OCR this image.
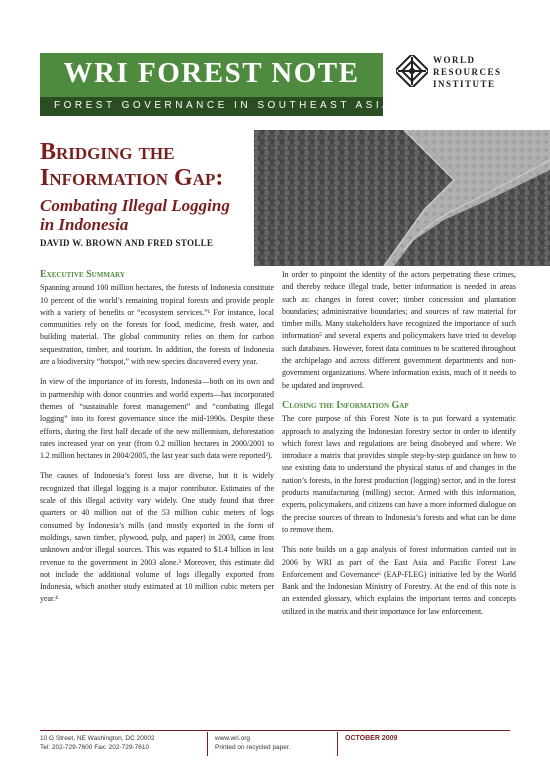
WRI FOREST NOTE
FOREST GOVERNANCE IN SOUTHEAST ASIA
WORLD
RESOURCES
INSTITUTE
Bridging the
Information Gap:
Combating Illegal Logging
in Indonesia
DAVID W. BROWN AND FRED STOLLE
Executive Summary

Spanning around 100 million hectares, the forests of Indonesia constitute 10 percent of the world’s remaining tropical forests and provide people with a variety of benefits or “ecosystem services.”¹ For instance, local communities rely on the forests for food, medicine, fresh water, and building material. The global community relies on them for carbon sequestration, timber, and tourism. In addition, the forests of Indonesia are a biodiversity “hotspot,” with new species discovered every year.

In view of the importance of its forests, Indonesia—both on its own and in partnership with donor countries and world experts—has incorporated themes of “sustainable forest management” and “combating illegal logging” into its forest governance since the mid-1990s. Despite these efforts, during the first half decade of the new millennium, deforestation rates increased year on year (from 0.2 million hectares in 2000/2001 to 1.2 million hectares in 2004/2005, the last year such data were reported²).

The causes of Indonesia’s forest loss are diverse, but it is widely recognized that illegal logging is a major contributor. Estimates of the scale of this illegal activity vary widely. One study found that three quarters or 40 million out of the 53 million cubic meters of logs consumed by Indonesia’s mills (and mostly exported in the form of moldings, sawn timber, plywood, pulp, and paper) in 2003, came from unknown and/or illegal sources. This was equated to $1.4 billion in lost revenue to the government in 2003 alone.³ Moreover, this estimate did not include the additional volume of logs illegally exported from Indonesia, which another study estimated at 10 million cubic meters per year.⁴

In order to pinpoint the identity of the actors perpetrating these crimes, and thereby reduce illegal trade, better information is needed in areas such as: changes in forest cover; timber concession and plantation boundaries; administrative boundaries; and sources of raw material for timber mills. Many stakeholders have recognized the importance of such information⁵ and several experts and policymakers have tried to develop such databases. However, forest data continues to be scattered throughout the archipelago and across different government departments and non-government organizations. Where information exists, much of it needs to be updated and improved.

Closing the Information Gap

The core purpose of this Forest Note is to put forward a systematic approach to analyzing the Indonesian forestry sector in order to identify which forest laws and regulations are being disobeyed and where. We introduce a matrix that provides simple step-by-step guidance on how to use existing data to understand the physical status of and changes in the nation’s forests, in the forest production (logging) sector, and in the forest products manufacturing (milling) sector. Armed with this information, experts, policymakers, and citizens can have a more informed dialogue on the precise sources of threats to Indonesia’s forests and what can be done to remove them.

This note builds on a gap analysis of forest information carried out in 2006 by WRI as part of the East Asia and Pacific Forest Law Enforcement and Governance⁶ (EAP-FLEG) initiative led by the World Bank and the Indonesian Ministry of Forestry. At the end of this note is an extended glossary, which explains the important terms and concepts utilized in the matrix and their importance for law enforcement.

10 G Street, NE Washington, DC 20002
Tel: 202-729-7600 Fax: 202-729-7610
www.wri.org
Printed on recycled paper.
OCTOBER 2009
